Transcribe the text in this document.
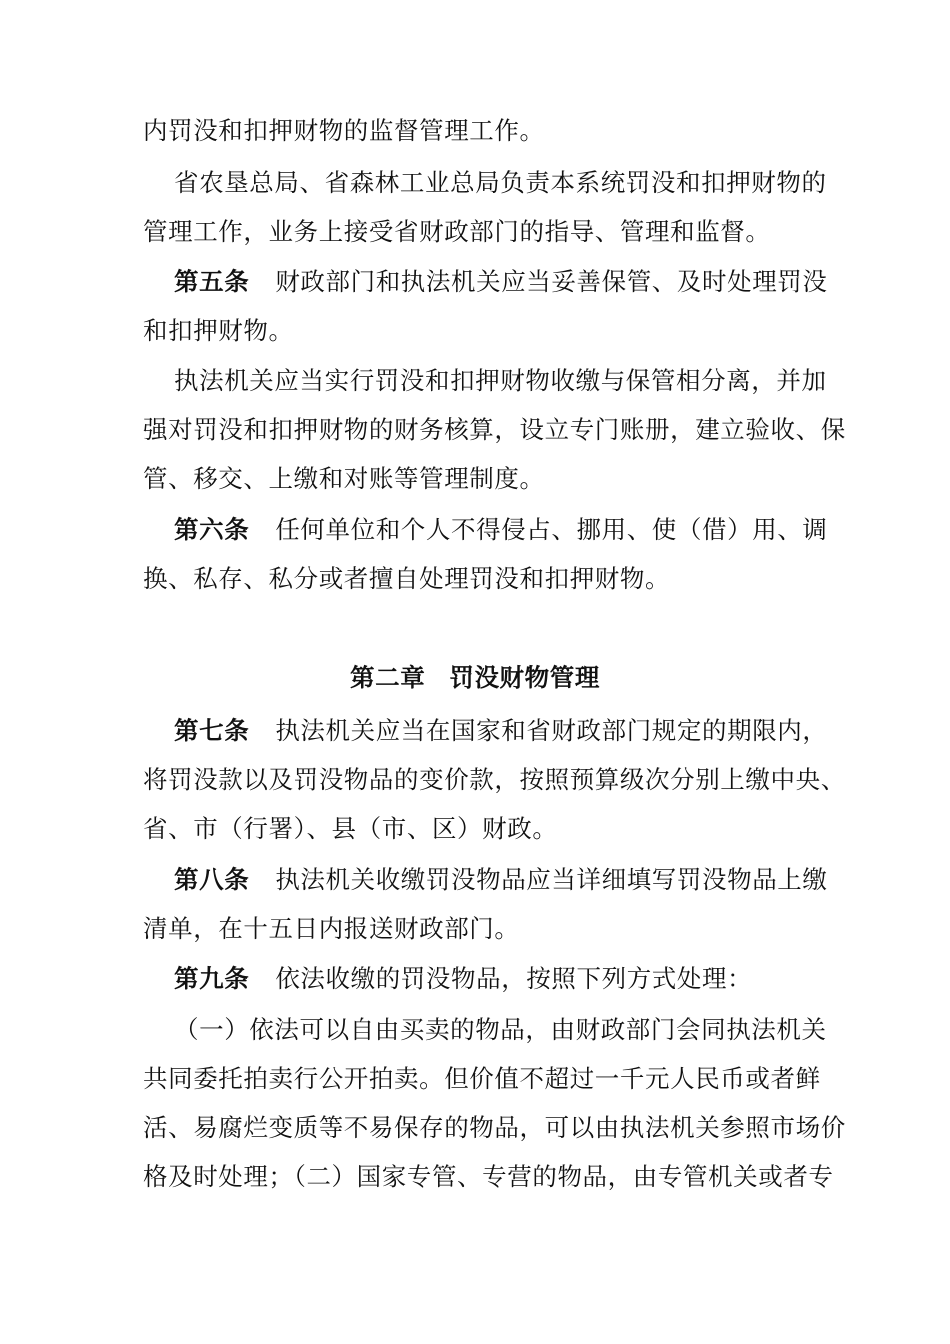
内罚没和扣押财物的监督管理工作。
省农垦总局、省森林工业总局负责本系统罚没和扣押财物的
管理工作，业务上接受省财政部门的指导、管理和监督。
第五条 财政部门和执法机关应当妥善保管、及时处理罚没
和扣押财物。
执法机关应当实行罚没和扣押财物收缴与保管相分离，并加
强对罚没和扣押财物的财务核算，设立专门账册，建立验收、保
管、移交、上缴和对账等管理制度。
第六条 任何单位和个人不得侵占、挪用、使（借）用、调
换、私存、私分或者擅自处理罚没和扣押财物。
第二章 罚没财物管理
第七条 执法机关应当在国家和省财政部门规定的期限内，
将罚没款以及罚没物品的变价款，按照预算级次分别上缴中央、
省、市（行署）、县（市、区）财政。
第八条 执法机关收缴罚没物品应当详细填写罚没物品上缴
清单，在十五日内报送财政部门。
第九条 依法收缴的罚没物品，按照下列方式处理：
（一）依法可以自由买卖的物品，由财政部门会同执法机关
共同委托拍卖行公开拍卖。但价值不超过一千元人民币或者鲜
活、易腐烂变质等不易保存的物品，可以由执法机关参照市场价
格及时处理；（二）国家专管、专营的物品，由专管机关或者专
